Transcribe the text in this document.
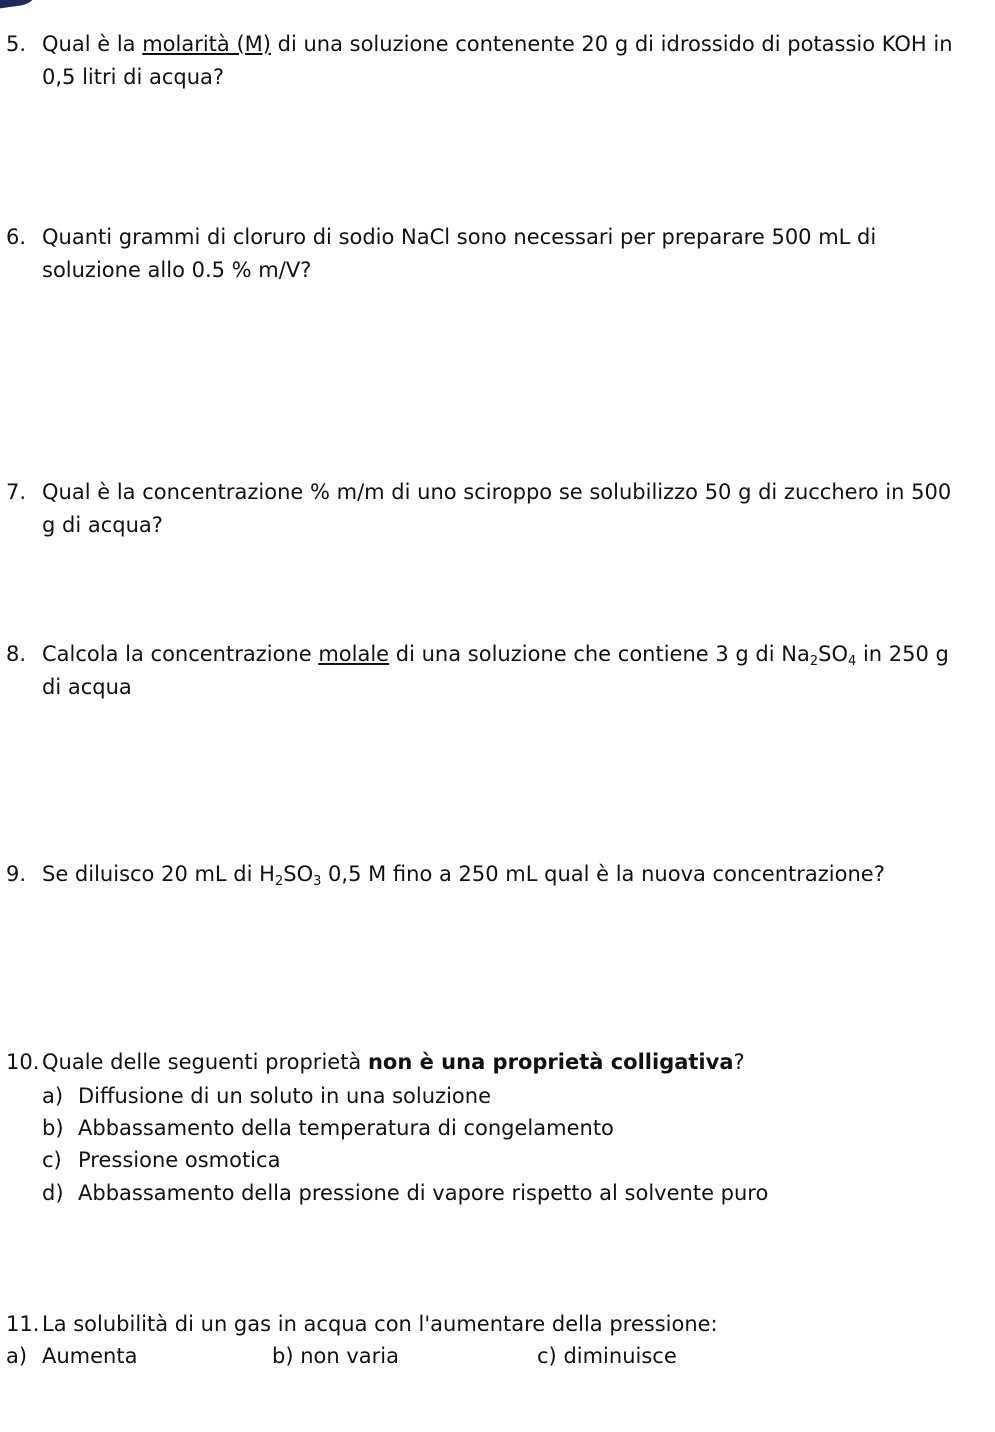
5. Qual è la molarità (M) di una soluzione contenente 20 g di idrossido di potassio KOH in
0,5 litri di acqua?
6. Quanti grammi di cloruro di sodio NaCl sono necessari per preparare 500 mL di
soluzione allo 0.5 % m/V?
7. Qual è la concentrazione % m/m di uno sciroppo se solubilizzo 50 g di zucchero in 500
g di acqua?
8. Calcola la concentrazione molale di una soluzione che contiene 3 g di $Na_2SO_4$ in 250 g
di acqua
9. Se diluisco 20 mL di $H_2SO_3$ 0,5 M fino a 250 mL qual è la nuova concentrazione?
10. Quale delle seguenti proprietà non è una proprietà colligativa?
a) Diffusione di un soluto in una soluzione
b) Abbassamento della temperatura di congelamento
c) Pressione osmotica
d) Abbassamento della pressione di vapore rispetto al solvente puro
11. La solubilità di un gas in acqua con l'aumentare della pressione:
a) Aumenta	b) non varia	c) diminuisce
